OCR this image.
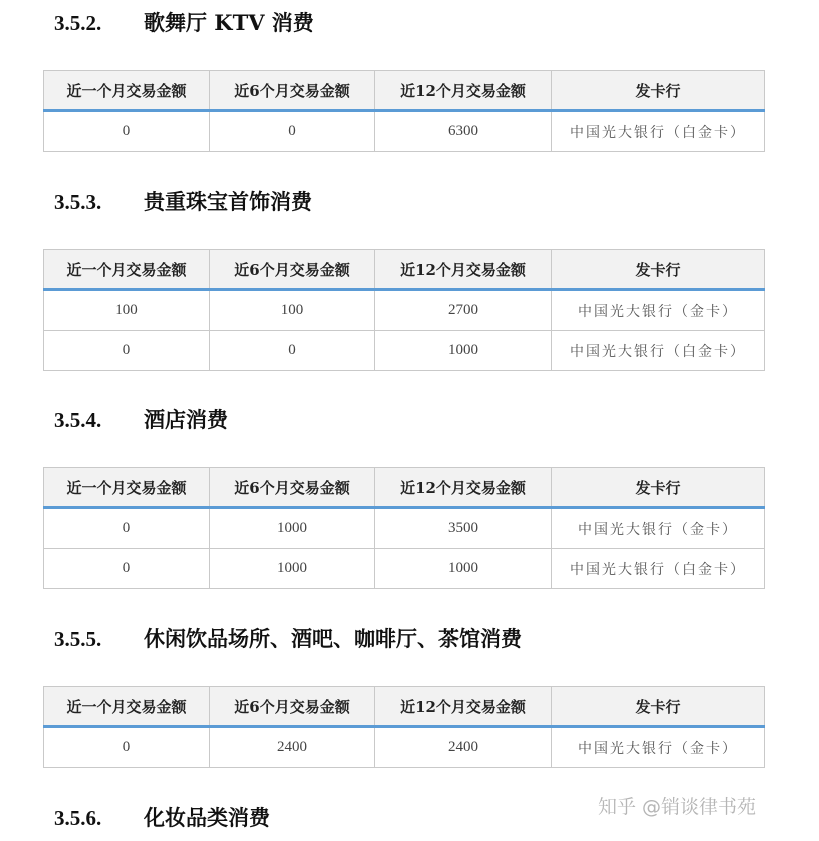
3.5.2. 歌舞厅 KTV 消费
近一个月交易金额	近6个月交易金额	近12个月交易金额	发卡行
0	0	6300	中国光大银行（白金卡）
3.5.3. 贵重珠宝首饰消费
近一个月交易金额	近6个月交易金额	近12个月交易金额	发卡行
100	100	2700	中国光大银行（金卡）
0	0	1000	中国光大银行（白金卡）
3.5.4. 酒店消费
近一个月交易金额	近6个月交易金额	近12个月交易金额	发卡行
0	1000	3500	中国光大银行（金卡）
0	1000	1000	中国光大银行（白金卡）
3.5.5. 休闲饮品场所、酒吧、咖啡厅、茶馆消费
近一个月交易金额	近6个月交易金额	近12个月交易金额	发卡行
0	2400	2400	中国光大银行（金卡）
3.5.6. 化妆品类消费	知乎 @销谈律书苑
